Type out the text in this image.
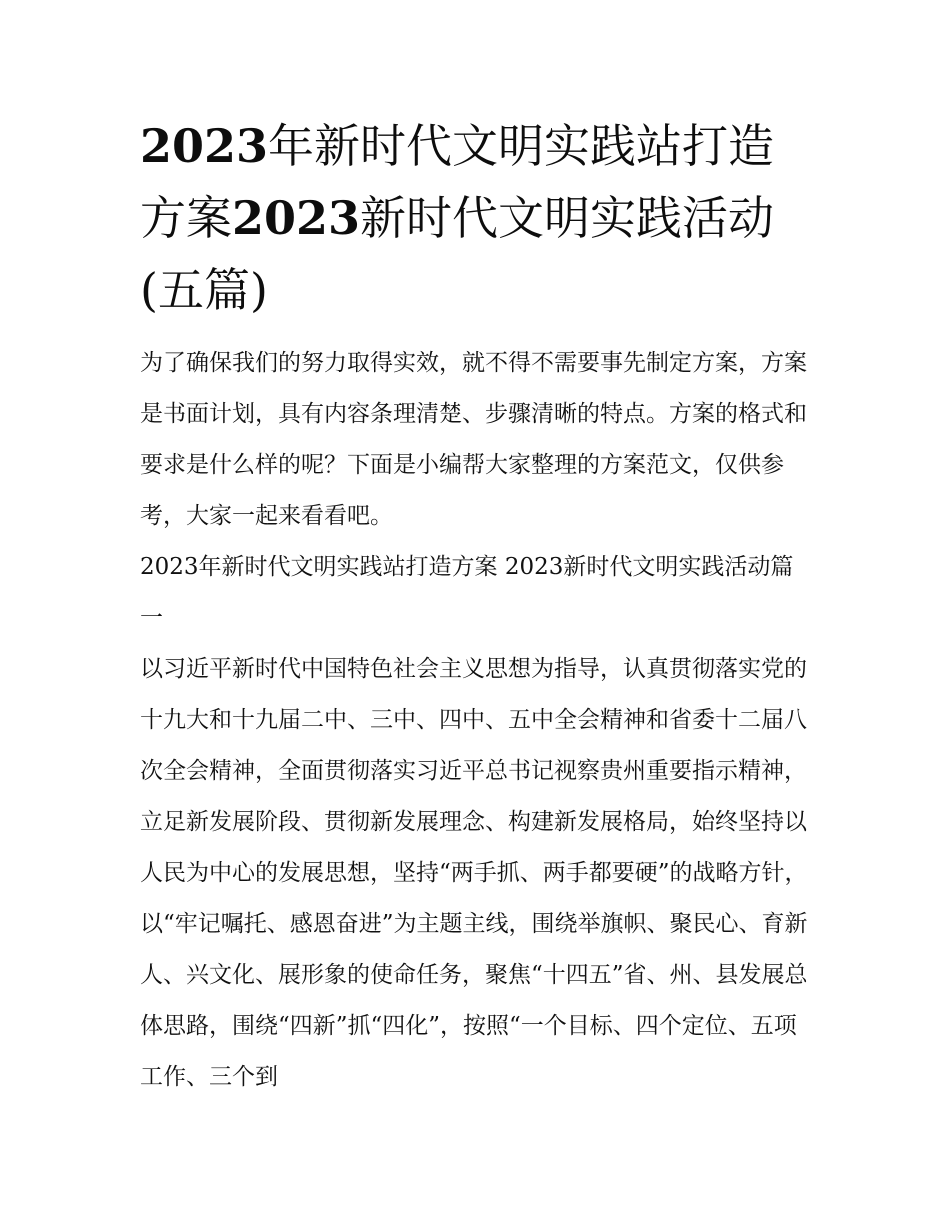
2023年新时代文明实践站打造方案2023新时代文明实践活动(五篇)

为了确保我们的努力取得实效，就不得不需要事先制定方案，方案是书面计划，具有内容条理清楚、步骤清晰的特点。方案的格式和要求是什么样的呢？下面是小编帮大家整理的方案范文，仅供参考，大家一起来看看吧。

2023年新时代文明实践站打造方案 2023新时代文明实践活动篇一

以习近平新时代中国特色社会主义思想为指导，认真贯彻落实党的十九大和十九届二中、三中、四中、五中全会精神和省委十二届八次全会精神，全面贯彻落实习近平总书记视察贵州重要指示精神，立足新发展阶段、贯彻新发展理念、构建新发展格局，始终坚持以人民为中心的发展思想，坚持“两手抓、两手都要硬”的战略方针，以“牢记嘱托、感恩奋进”为主题主线，围绕举旗帜、聚民心、育新人、兴文化、展形象的使命任务，聚焦“十四五”省、州、县发展总体思路，围绕“四新”抓“四化”，按照“一个目标、四个定位、五项工作、三个到
